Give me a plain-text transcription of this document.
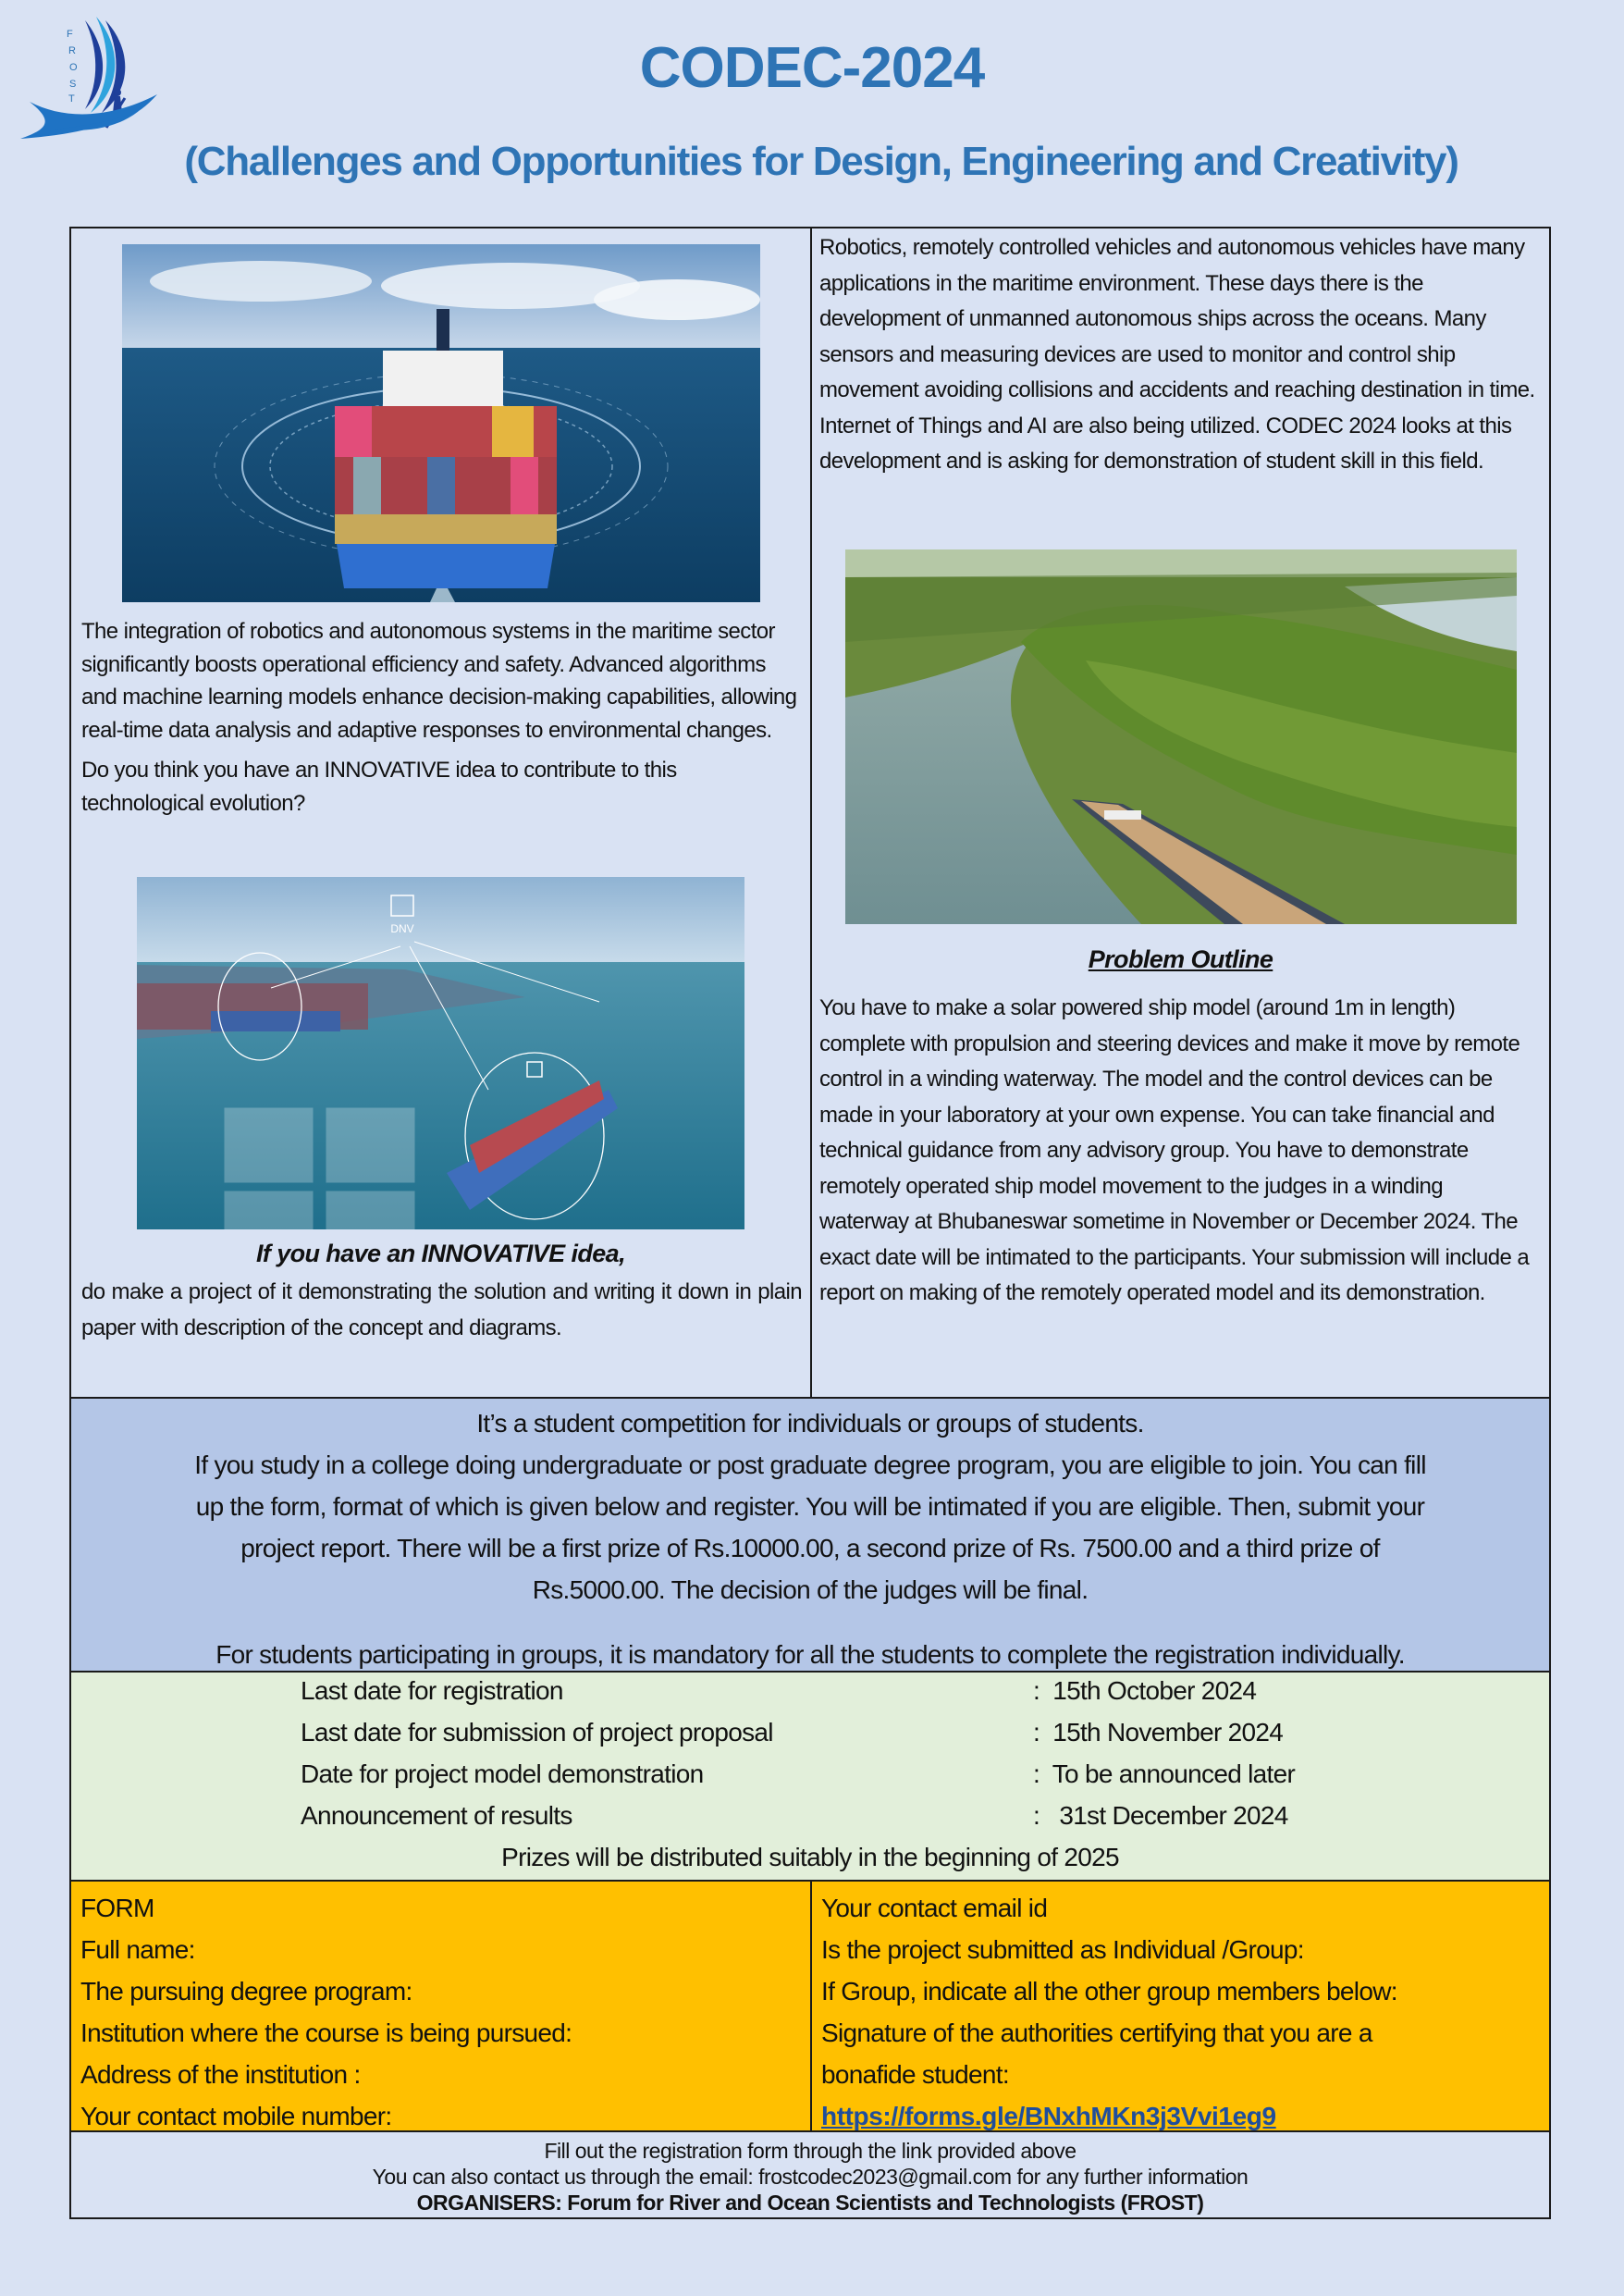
F
R
O
S
T	CODEC-2024
(Challenges and Opportunities for Design, Engineering and Creativity)

The integration of robotics and autonomous systems in the maritime sector significantly boosts operational efficiency and safety. Advanced algorithms and machine learning models enhance decision-making capabilities, allowing real-time data analysis and adaptive responses to environmental changes.

Do you think you have an INNOVATIVE idea to contribute to this technological evolution?

DNV

If you have an INNOVATIVE idea,

do make a project of it demonstrating the solution and writing it down in plain paper with description of the concept and diagrams.

Robotics, remotely controlled vehicles and autonomous vehicles have many applications in the maritime environment. These days there is the development of unmanned autonomous ships across the oceans. Many sensors and measuring devices are used to monitor and control ship movement avoiding collisions and accidents and reaching destination in time. Internet of Things and AI are also being utilized. CODEC 2024 looks at this development and is asking for demonstration of student skill in this field.

Problem Outline

You have to make a solar powered ship model (around 1m in length) complete with propulsion and steering devices and make it move by remote control in a winding waterway. The model and the control devices can be made in your laboratory at your own expense. You can take financial and technical guidance from any advisory group. You have to demonstrate remotely operated ship model movement to the judges in a winding waterway at Bhubaneswar sometime in November or December 2024. The exact date will be intimated to the participants. Your submission will include a report on making of the remotely operated model and its demonstration.

It’s a student competition for individuals or groups of students.

If you study in a college doing undergraduate or post graduate degree program, you are eligible to join. You can fill

up the form, format of which is given below and register. You will be intimated if you are eligible. Then, submit your

project report. There will be a first prize of Rs.10000.00, a second prize of Rs. 7500.00 and a third prize of

Rs.5000.00. The decision of the judges will be final.

For students participating in groups, it is mandatory for all the students to complete the registration individually.

Last date for registration	:  15th October 2024
Last date for submission of project proposal	:  15th November 2024
Date for project model demonstration	:  To be announced later
Announcement of results	:   31st December 2024
Prizes will be distributed suitably in the beginning of 2025

FORM

Full name:

The pursuing degree program:

Institution where the course is being pursued:

Address of the institution :

Your contact mobile number:

Your contact email id

Is the project submitted as Individual /Group:

If Group, indicate all the other group members below:

Signature of the authorities certifying that you are a

bonafide student:

https://forms.gle/BNxhMKn3j3Vvi1eg9

Fill out the registration form through the link provided above

You can also contact us through the email: frostcodec2023@gmail.com for any further information

ORGANISERS: Forum for River and Ocean Scientists and Technologists (FROST)
